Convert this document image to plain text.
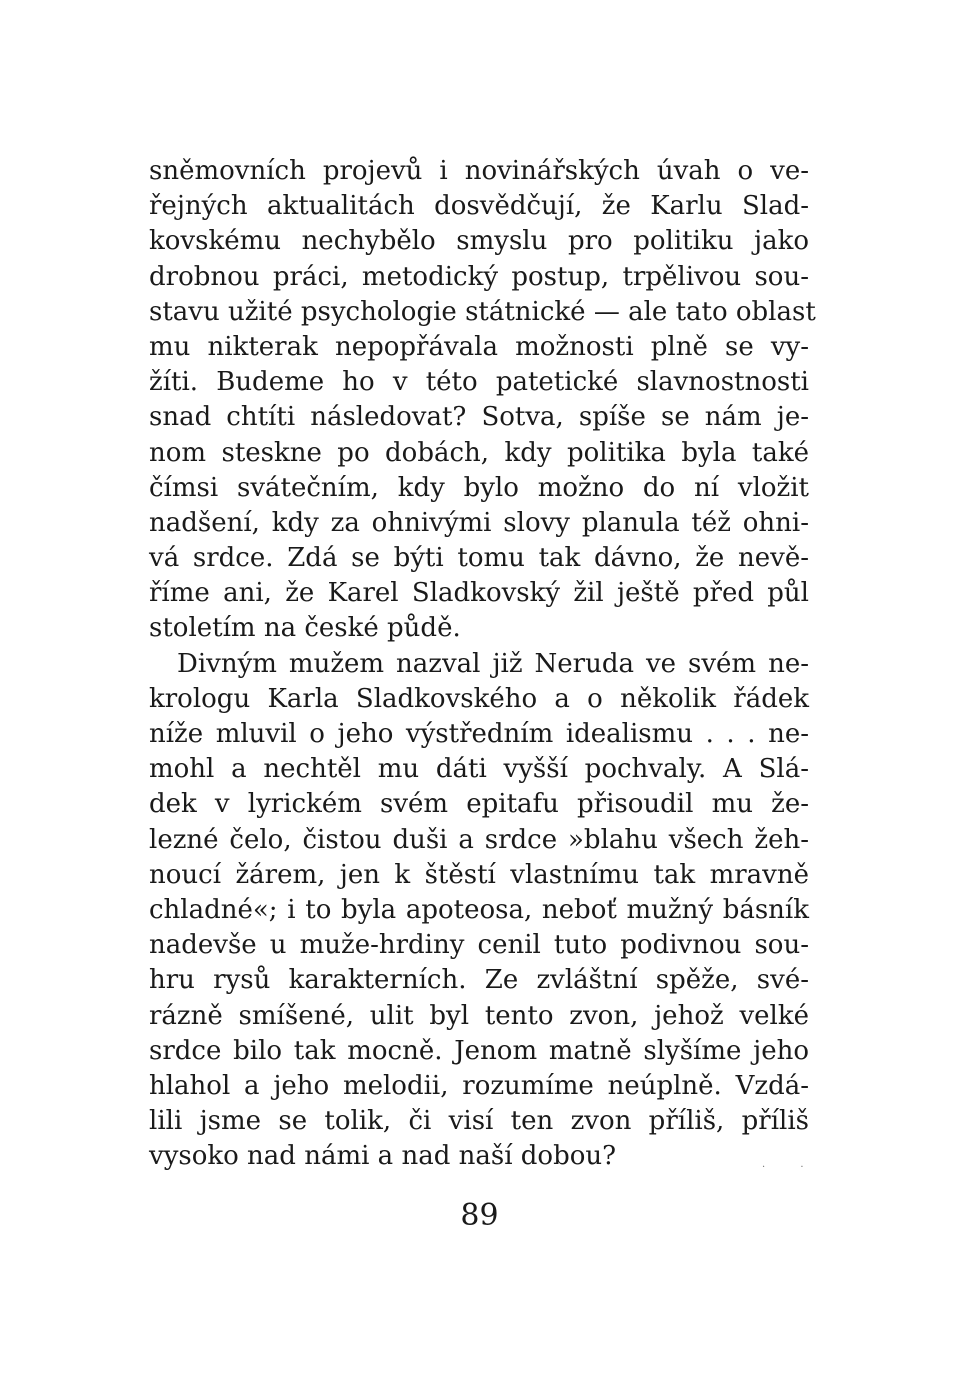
sněmovních projevů i novinářských úvah o ve-
řejných aktualitách dosvědčují, že Karlu Slad-
kovskému nechybělo smyslu pro politiku jako
drobnou práci, metodický postup, trpělivou sou-
stavu užité psychologie státnické — ale tato oblast
mu nikterak nepopřávala možnosti plně se vy-
žíti. Budeme ho v této patetické slavnostnosti
snad chtíti následovat? Sotva, spíše se nám je-
nom steskne po dobách, kdy politika byla také
čímsi svátečním, kdy bylo možno do ní vložit
nadšení, kdy za ohnivými slovy planula též ohni-
vá srdce. Zdá se býti tomu tak dávno, že nevě-
říme ani, že Karel Sladkovský žil ještě před půl
stoletím na české půdě.
Divným mužem nazval již Neruda ve svém ne-
krologu Karla Sladkovského a o několik řádek
níže mluvil o jeho výstředním idealismu . . . ne-
mohl a nechtěl mu dáti vyšší pochvaly. A Slá-
dek v lyrickém svém epitafu přisoudil mu že-
lezné čelo, čistou duši a srdce »blahu všech žeh-
noucí žárem, jen k štěstí vlastnímu tak mravně
chladné«; i to byla apoteosa, neboť mužný básník
nadevše u muže-hrdiny cenil tuto podivnou sou-
hru rysů karakterních. Ze zvláštní spěže, své-
rázně smíšené, ulit byl tento zvon, jehož velké
srdce bilo tak mocně. Jenom matně slyšíme jeho
hlahol a jeho melodii, rozumíme neúplně. Vzdá-
lili jsme se tolik, či visí ten zvon příliš, příliš
vysoko nad námi a nad naší dobou?	· ·
89
